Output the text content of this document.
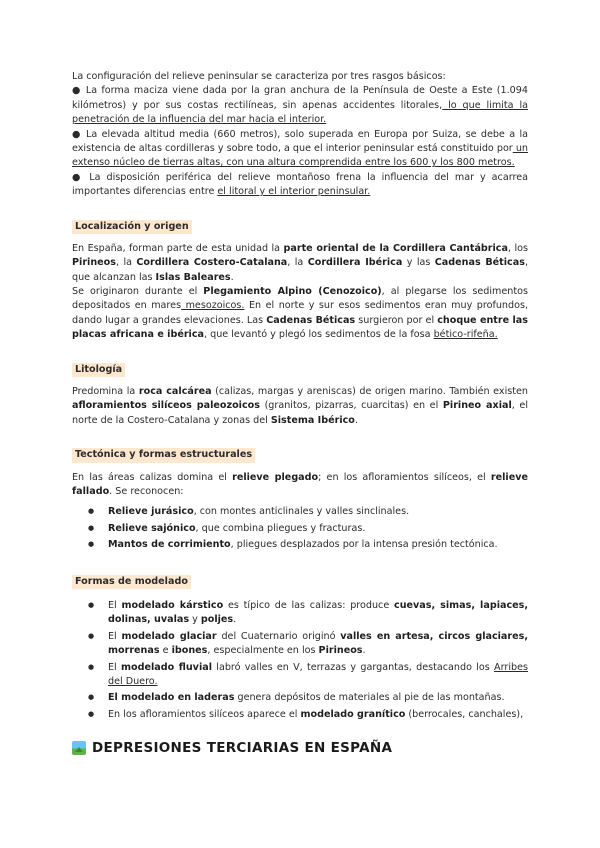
La configuración del relieve peninsular se caracteriza por tres rasgos básicos:

● La forma maciza viene dada por la gran anchura de la Península de Oeste a Este (1.094 kilómetros) y por sus costas rectilíneas, sin apenas accidentes litorales, lo que limita la penetración de la influencia del mar hacia el interior.

● La elevada altitud media (660 metros), solo superada en Europa por Suiza, se debe a la existencia de altas cordilleras y sobre todo, a que el interior peninsular está constituido por un extenso núcleo de tierras altas, con una altura comprendida entre los 600 y los 800 metros.

● La disposición periférica del relieve montañoso frena la influencia del mar y acarrea importantes diferencias entre el litoral y el interior peninsular.

Localización y origen

En España, forman parte de esta unidad la parte oriental de la Cordillera Cantábrica, los Pirineos, la Cordillera Costero-Catalana, la Cordillera Ibérica y las Cadenas Béticas, que alcanzan las Islas Baleares.

Se originaron durante el Plegamiento Alpino (Cenozoico), al plegarse los sedimentos depositados en mares mesozoicos. En el norte y sur esos sedimentos eran muy profundos, dando lugar a grandes elevaciones. Las Cadenas Béticas surgieron por el choque entre las placas africana e ibérica, que levantó y plegó los sedimentos de la fosa bético-rifeña.

Litología

Predomina la roca calcárea (calizas, margas y areniscas) de origen marino. También existen afloramientos silíceos paleozoicos (granitos, pizarras, cuarcitas) en el Pirineo axial, el norte de la Costero-Catalana y zonas del Sistema Ibérico.

Tectónica y formas estructurales

En las áreas calizas domina el relieve plegado; en los afloramientos silíceos, el relieve fallado. Se reconocen:

● Relieve jurásico, con montes anticlinales y valles sinclinales.
● Relieve sajónico, que combina pliegues y fracturas.
● Mantos de corrimiento, pliegues desplazados por la intensa presión tectónica.
Formas de modelado
● El modelado kárstico es típico de las calizas: produce cuevas, simas, lapiaces, dolinas, uvalas y poljes.
● El modelado glaciar del Cuaternario originó valles en artesa, circos glaciares, morrenas e ibones, especialmente en los Pirineos.
● El modelado fluvial labró valles en V, terrazas y gargantas, destacando los Arribes del Duero.
● El modelado en laderas genera depósitos de materiales al pie de las montañas.
● En los afloramientos silíceos aparece el modelado granítico (berrocales, canchales),
DEPRESIONES TERCIARIAS EN ESPAÑA
